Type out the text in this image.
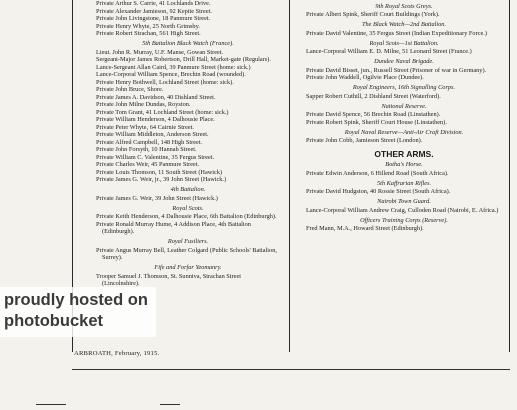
Private Arthur S. Carrie, 41 Lochlands Drive.

Private Alexander Jamieson, 92 Keptie Street.

Private John Livingstone, 18 Panmure Street.

Private Henry Whyte, 25 North Grimsby.

Private Robert Strachan, 561 High Street.

5th Battalion Black Watch (France).

Lieut. John R. Murray, U.F. Manse, Gowan Street.

Sergeant-Major James Robertson, Drill Hall, Market-gate (Regulars).

Lance-Sergeant Allan Caird, 39 Panmure Street (home: sick.)

Lance-Corporal William Spence, Brechin Road (wounded).

Private Henry Bothwell, Lochland Street (home: sick).

Private John Bruce, Shore.

Private James A. Davidson, 40 Dishland Street.

Private John Milne Dundas, Royston.

Private Tom Grant, 41 Lochland Street (home: sick.)

Private William Henderson, 4 Dalhousie Place.

Private Peter Whyte, 64 Cairnie Street.

Private William Middleton, Anderson Street.

Private Alfred Campbell, 148 High Street.

Private John Forsyth, 10 Hannah Street.

Private William C. Valentine, 35 Fergus Street.

Private Charles Weir, 45 Panmure Street.

Private Louis Thomson, 11 South Street (Hawick)

Private James G. Weir, jr., 39 John Street (Hawick.)

4th Battalion.

Private James G. Weir, 39 John Street (Hawick.)

Royal Scots.

Private Keith Henderson, 4 Dalhousie Place, 6th Battalion (Edinburgh).

Private Ronald Murray Hume, 4 Addison Place, 4th Battalion (Edinburgh).

Royal Fusiliers.

Private Angus Murray Bell, Leather Colgard (Public Schools' Battalion, Surrey).

Fife and Forfar Yeomanry.

Trooper Samuel J. Thomson, St. Sunniva, Strachan Street (Lincolnshire).

9th Royal Scots Greys.

Private Albert Spink, Sheriff Court Buildings (York).

The Black Watch—2nd Battalion.

Private David Valentine, 35 Fergus Street (Indian Expeditionary Force.)

Royal Scots—1st Battalion.

Lance-Corporal William E. D. Milne, 51 Leonard Street (France.)

Dundee Naval Brigade.

Private David Bisset, jun., Russell Street (Prisoner of war in Germany).

Private John Waddell, Ogilvie Place (Dundee).

Royal Engineers, 16th Signalling Corps.

Sapper Robert Cuthill, 2 Dishland Street (Waterford).

National Reserve.

Private David Spence, 56 Brechin Road (Linstathen).

Private Robert Spink, Sheriff Court House (Linstathen).

Royal Naval Reserve—Anti-Air Craft Division.

Private John Cobb, Jamieson Street (London).

OTHER ARMS.

Botha's Horse.

Private Edwin Anderson, 6 Hillend Road (South Africa).

5th Kaffrarian Rifles.

Private David Hudgston, 40 Rossie Street (South Africa).

Nairobi Town Guard.

Lance-Corporal William Andrew Craig, Culloden Road (Nairobi, E. Africa.)

Officers Training Corps (Reserve).

Fred Mann, M.A., Howard Street (Edinburgh).

ARBROATH, February, 1915.
proudly hosted on
photobucket
